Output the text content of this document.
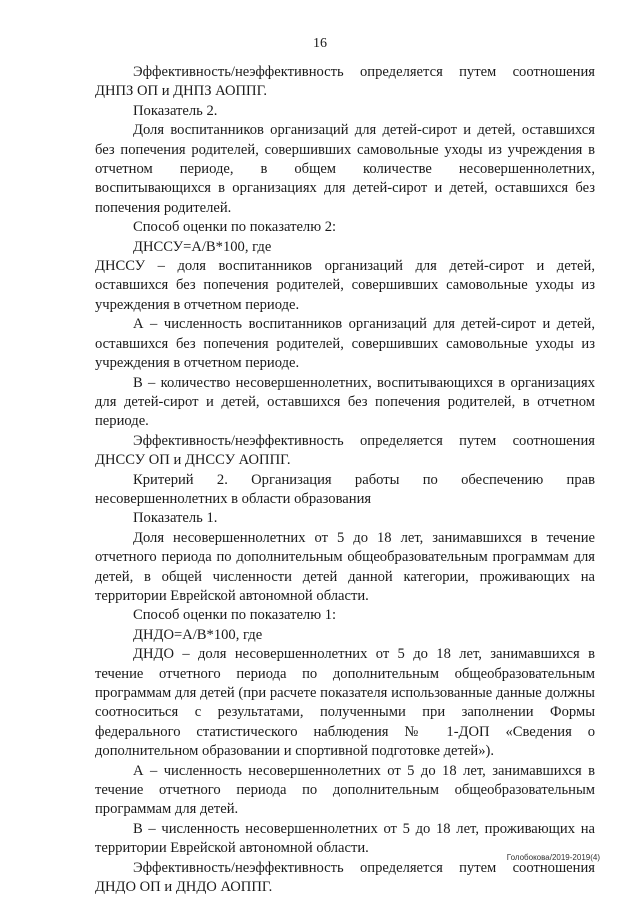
16

Эффективность/неэффективность определяется путем соотношения ДНПЗ ОП и ДНПЗ АОППГ.

Показатель 2.

Доля воспитанников организаций для детей-сирот и детей, оставшихся без попечения родителей, совершивших самовольные уходы из учреждения в отчетном периоде, в общем количестве несовершеннолетних, воспитывающихся в организациях для детей-сирот и детей, оставшихся без попечения родителей.

Способ оценки по показателю 2:

ДНССУ=А/В*100, где

ДНССУ – доля воспитанников организаций для детей-сирот и детей, оставшихся без попечения родителей, совершивших самовольные уходы из учреждения в отчетном периоде.

А – численность воспитанников организаций для детей-сирот и детей, оставшихся без попечения родителей, совершивших самовольные уходы из учреждения в отчетном периоде.

В – количество несовершеннолетних, воспитывающихся в организациях для детей-сирот и детей, оставшихся без попечения родителей, в отчетном периоде.

Эффективность/неэффективность определяется путем соотношения ДНССУ ОП и ДНССУ АОППГ.

Критерий 2. Организация работы по обеспечению прав несовершеннолетних в области образования

Показатель 1.

Доля несовершеннолетних от 5 до 18 лет, занимавшихся в течение отчетного периода по дополнительным общеобразовательным программам для детей, в общей численности детей данной категории, проживающих на территории Еврейской автономной области.

Способ оценки по показателю 1:

ДНДО=А/В*100, где

ДНДО – доля несовершеннолетних от 5 до 18 лет, занимавшихся в течение отчетного периода по дополнительным общеобразовательным программам для детей (при расчете показателя использованные данные должны соотноситься с результатами, полученными при заполнении Формы федерального статистического наблюдения № 1-ДОП «Сведения о дополнительном образовании и спортивной подготовке детей»).

А – численность несовершеннолетних от 5 до 18 лет, занимавшихся в течение отчетного периода по дополнительным общеобразовательным программам для детей.

В – численность несовершеннолетних от 5 до 18 лет, проживающих на территории Еврейской автономной области.

Эффективность/неэффективность определяется путем соотношения ДНДО ОП и ДНДО АОППГ.

Голобокова/2019-2019(4)
